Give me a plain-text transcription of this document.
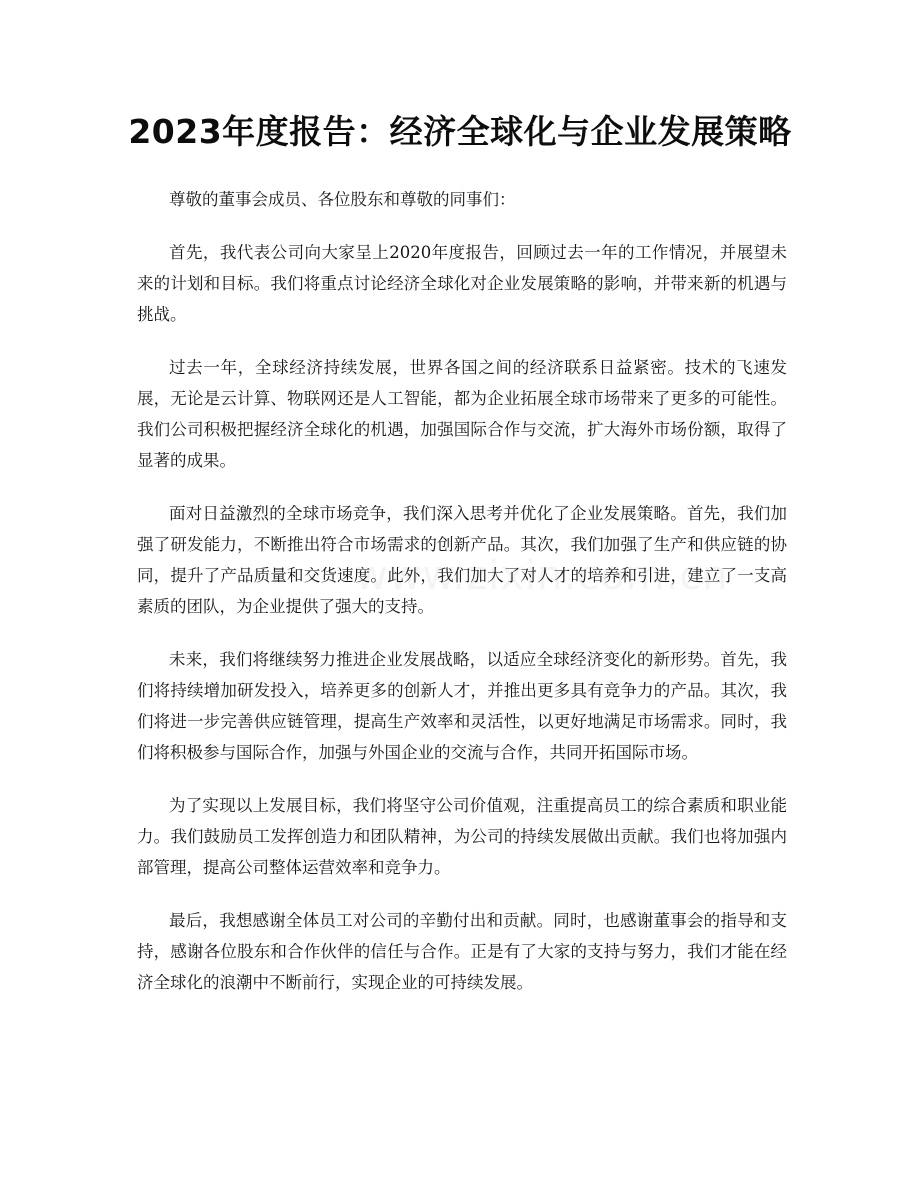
2023年度报告：经济全球化与企业发展策略

尊敬的董事会成员、各位股东和尊敬的同事们：

首先，我代表公司向大家呈上2020年度报告，回顾过去一年的工作情况，并展望未来的计划和目标。我们将重点讨论经济全球化对企业发展策略的影响，并带来新的机遇与挑战。

过去一年，全球经济持续发展，世界各国之间的经济联系日益紧密。技术的飞速发展，无论是云计算、物联网还是人工智能，都为企业拓展全球市场带来了更多的可能性。我们公司积极把握经济全球化的机遇，加强国际合作与交流，扩大海外市场份额，取得了显著的成果。

面对日益激烈的全球市场竞争，我们深入思考并优化了企业发展策略。首先，我们加强了研发能力，不断推出符合市场需求的创新产品。其次，我们加强了生产和供应链的协同，提升了产品质量和交货速度。此外，我们加大了对人才的培养和引进，建立了一支高素质的团队，为企业提供了强大的支持。

未来，我们将继续努力推进企业发展战略，以适应全球经济变化的新形势。首先，我们将持续增加研发投入，培养更多的创新人才，并推出更多具有竞争力的产品。其次，我们将进一步完善供应链管理，提高生产效率和灵活性，以更好地满足市场需求。同时，我们将积极参与国际合作，加强与外国企业的交流与合作，共同开拓国际市场。

为了实现以上发展目标，我们将坚守公司价值观，注重提高员工的综合素质和职业能力。我们鼓励员工发挥创造力和团队精神，为公司的持续发展做出贡献。我们也将加强内部管理，提高公司整体运营效率和竞争力。

最后，我想感谢全体员工对公司的辛勤付出和贡献。同时，也感谢董事会的指导和支持，感谢各位股东和合作伙伴的信任与合作。正是有了大家的支持与努力，我们才能在经济全球化的浪潮中不断前行，实现企业的可持续发展。
